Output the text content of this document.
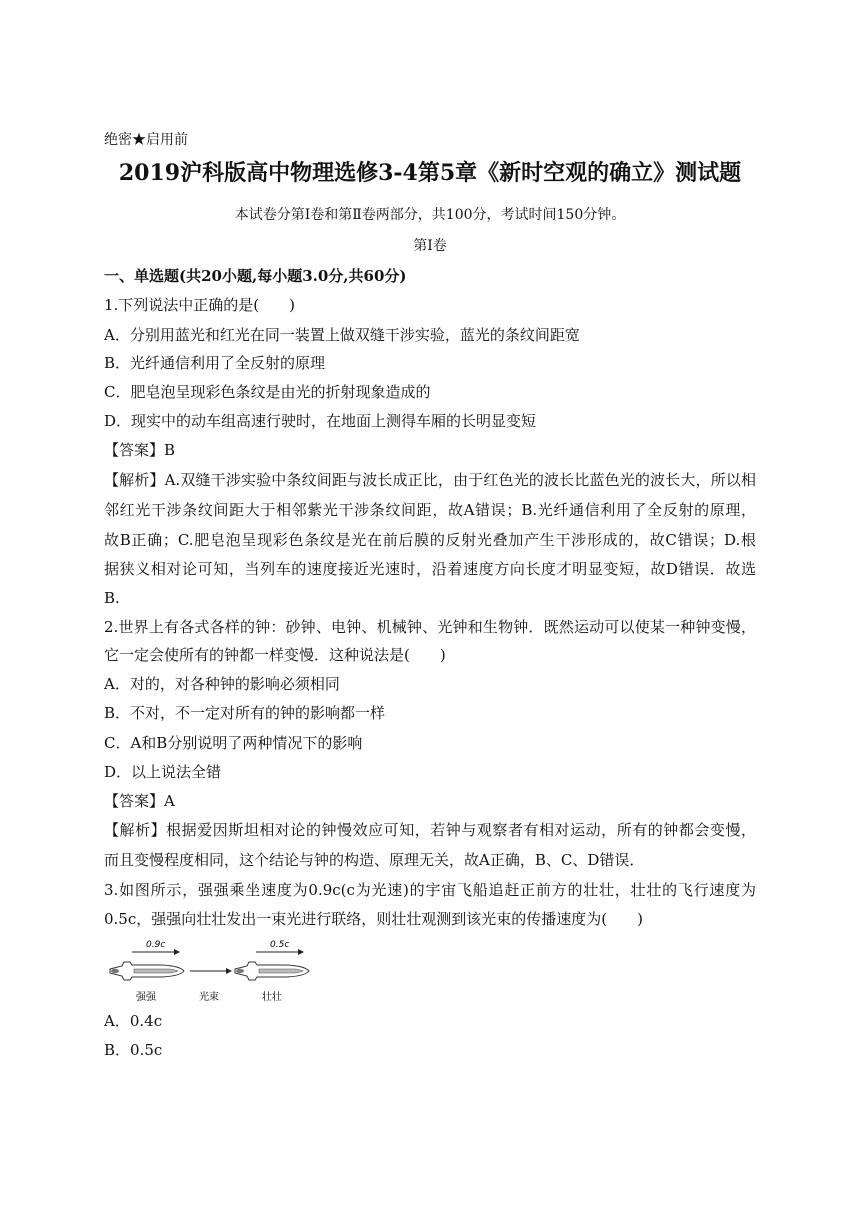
绝密★启用前
2019沪科版高中物理选修3-4第5章《新时空观的确立》测试题
本试卷分第Ⅰ卷和第Ⅱ卷两部分，共100分，考试时间150分钟。
第Ⅰ卷
一、单选题(共20小题,每小题3.0分,共60分)
1.下列说法中正确的是(　　)
A．分别用蓝光和红光在同一装置上做双缝干涉实验，蓝光的条纹间距宽
B．光纤通信利用了全反射的原理
C．肥皂泡呈现彩色条纹是由光的折射现象造成的
D．现实中的动车组高速行驶时，在地面上测得车厢的长明显变短
【答案】B
【解析】A.双缝干涉实验中条纹间距与波长成正比，由于红色光的波长比蓝色光的波长大，所以相
邻红光干涉条纹间距大于相邻紫光干涉条纹间距，故A错误；B.光纤通信利用了全反射的原理，
故B正确；C.肥皂泡呈现彩色条纹是光在前后膜的反射光叠加产生干涉形成的，故C错误；D.根
据狭义相对论可知，当列车的速度接近光速时，沿着速度方向长度才明显变短，故D错误．故选
B.
2.世界上有各式各样的钟：砂钟、电钟、机械钟、光钟和生物钟．既然运动可以使某一种钟变慢，
它一定会使所有的钟都一样变慢．这种说法是(　　)
A．对的，对各种钟的影响必须相同
B．不对，不一定对所有的钟的影响都一样
C．A和B分别说明了两种情况下的影响
D．以上说法全错
【答案】A
【解析】根据爱因斯坦相对论的钟慢效应可知，若钟与观察者有相对运动，所有的钟都会变慢，
而且变慢程度相同，这个结论与钟的构造、原理无关，故A正确，B、C、D错误．
3.如图所示，强强乘坐速度为0.9c(c为光速)的宇宙飞船追赶正前方的壮壮，壮壮的飞行速度为
0.5c，强强向壮壮发出一束光进行联络，则壮壮观测到该光束的传播速度为(　　)
0.9c	0.5c
强强	光束	壮壮
A．0.4c
B．0.5c
